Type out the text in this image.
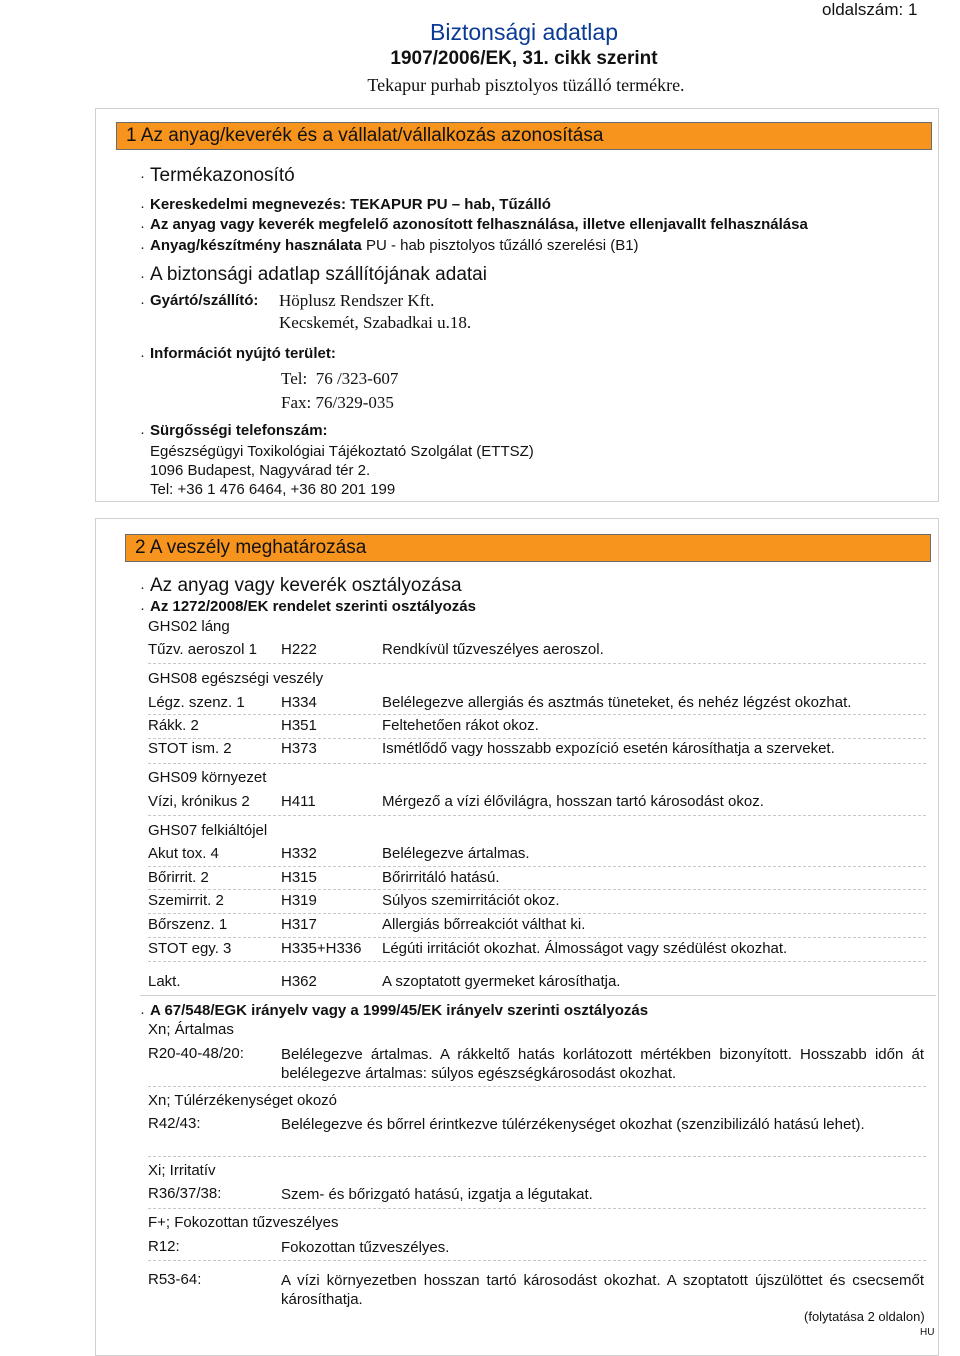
oldalszám: 1
Biztonsági adatlap
1907/2006/EK, 31. cikk szerint
Tekapur purhab pisztolyos tüzálló termékre.
1 Az anyag/keverék és a vállalat/vállalkozás azonosítása
· Termékazonosító
· Kereskedelmi megnevezés: TEKAPUR PU – hab, Tűzálló
· Az anyag vagy keverék megfelelő azonosított felhasználása, illetve ellenjavallt felhasználása
· Anyag/készítmény használata PU - hab pisztolyos tűzálló szerelési (B1)
· A biztonsági adatlap szállítójának adatai
· Gyártó/szállító: Höplusz Rendszer Kft.
Kecskemét, Szabadkai u.18.
· Információt nyújtó terület:
Tel:  76 /323-607
Fax: 76/329-035
· Sürgősségi telefonszám:
Egészségügyi Toxikológiai Tájékoztató Szolgálat (ETTSZ)
1096 Budapest, Nagyvárad tér 2.
Tel: +36 1 476 6464, +36 80 201 199
2 A veszély meghatározása
· Az anyag vagy keverék osztályozása
· Az 1272/2008/EK rendelet szerinti osztályozás
GHS02 láng
Tűzv. aeroszol 1 H222	Rendkívül tűzveszélyes aeroszol.
GHS08 egészségi veszély
Légz. szenz. 1 H334	Belélegezve allergiás és asztmás tüneteket, és nehéz légzést okozhat.
Rákk. 2	H351	Feltehetően rákot okoz.
STOT ism. 2	H373	Ismétlődő vagy hosszabb expozíció esetén károsíthatja a szerveket.
GHS09 környezet
Vízi, krónikus 2 H411	Mérgező a vízi élővilágra, hosszan tartó károsodást okoz.
GHS07 felkiáltójel
Akut tox. 4	H332	Belélegezve ártalmas.
Bőrirrit. 2	H315	Bőrirritáló hatású.
Szemirrit. 2	H319	Súlyos szemirritációt okoz.
Bőrszenz. 1	H317	Allergiás bőrreakciót válthat ki.
STOT egy. 3	H335+H336 Légúti irritációt okozhat. Álmosságot vagy szédülést okozhat.
Lakt.	H362	A szoptatott gyermeket károsíthatja.
· A 67/548/EGK irányelv vagy a 1999/45/EK irányelv szerinti osztályozás
Xn; Ártalmas
R20-40-48/20: Belélegezve ártalmas. A rákkeltő hatás korlátozott mértékben bizonyított. Hosszabb időn át belélegezve ártalmas: súlyos egészségkárosodást okozhat.
Xn; Túlérzékenységet okozó
R42/43:	Belélegezve és bőrrel érintkezve túlérzékenységet okozhat (szenzibilizáló hatású lehet).
Xi; Irritatív
R36/37/38:	Szem- és bőrizgató hatású, izgatja a légutakat.
F+; Fokozottan tűzveszélyes
R12:	Fokozottan tűzveszélyes.
R53-64:	A vízi környezetben hosszan tartó károsodást okozhat. A szoptatott újszülöttet és csecsemőt károsíthatja.
(folytatása 2 oldalon)
HU
